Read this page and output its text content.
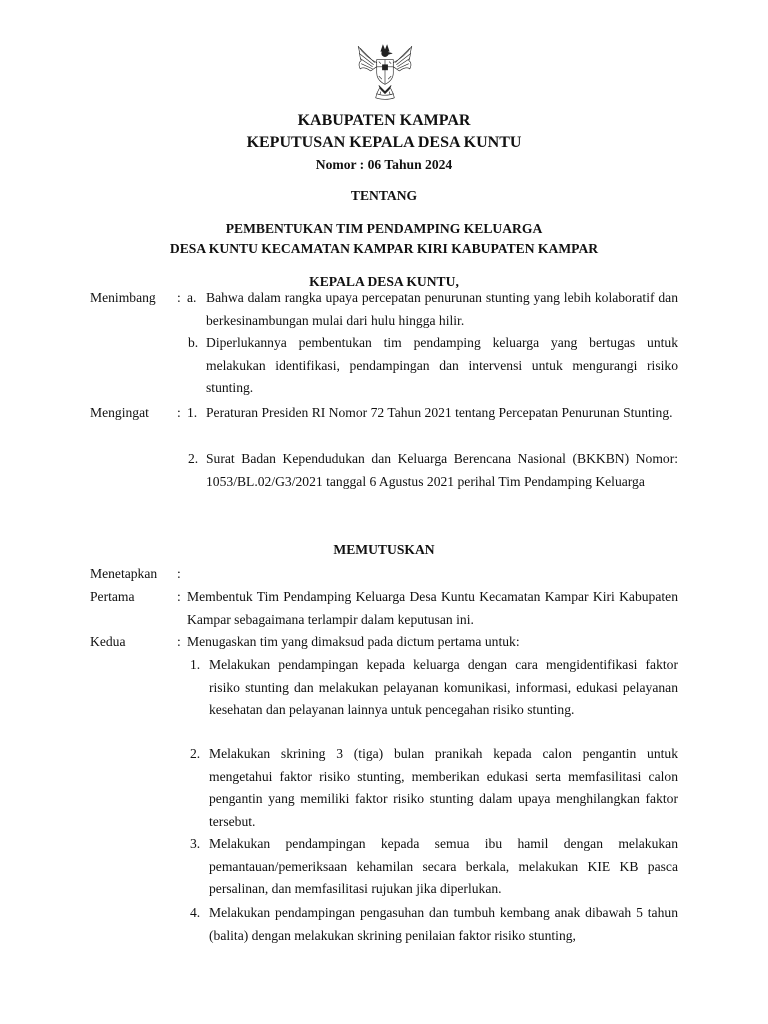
KABUPATEN KAMPAR
KEPUTUSAN KEPALA DESA KUNTU
Nomor : 06 Tahun 2024
TENTANG
PEMBENTUKAN TIM PENDAMPING KELUARGA
DESA KUNTU KECAMATAN KAMPAR KIRI KABUPATEN KAMPAR
KEPALA DESA KUNTU,
Menimbang : a. Bahwa dalam rangka upaya percepatan penurunan stunting yang lebih kolaboratif dan berkesinambungan mulai dari hulu hingga hilir.
b. Diperlukannya pembentukan tim pendamping keluarga yang bertugas untuk melakukan identifikasi, pendampingan dan intervensi untuk mengurangi risiko stunting.
Mengingat : 1. Peraturan Presiden RI Nomor 72 Tahun 2021 tentang Percepatan Penurunan Stunting.
2. Surat Badan Kependudukan dan Keluarga Berencana Nasional (BKKBN) Nomor: 1053/BL.02/G3/2021 tanggal 6 Agustus 2021 perihal Tim Pendamping Keluarga
MEMUTUSKAN
Menetapkan :
Pertama	: Membentuk Tim Pendamping Keluarga Desa Kuntu Kecamatan Kampar Kiri Kabupaten Kampar sebagaimana terlampir dalam keputusan ini.
Kedua	: Menugaskan tim yang dimaksud pada dictum pertama untuk:
1. Melakukan pendampingan kepada keluarga dengan cara mengidentifikasi faktor risiko stunting dan melakukan pelayanan komunikasi, informasi, edukasi pelayanan kesehatan dan pelayanan lainnya untuk pencegahan risiko stunting.
2. Melakukan skrining 3 (tiga) bulan pranikah kepada calon pengantin untuk mengetahui faktor risiko stunting, memberikan edukasi serta memfasilitasi calon pengantin yang memiliki faktor risiko stunting dalam upaya menghilangkan faktor tersebut.
3. Melakukan pendampingan kepada semua ibu hamil dengan melakukan pemantauan/pemeriksaan kehamilan secara berkala, melakukan KIE KB pasca persalinan, dan memfasilitasi rujukan jika diperlukan.
4. Melakukan pendampingan pengasuhan dan tumbuh kembang anak dibawah 5 tahun (balita) dengan melakukan skrining penilaian faktor risiko stunting,
